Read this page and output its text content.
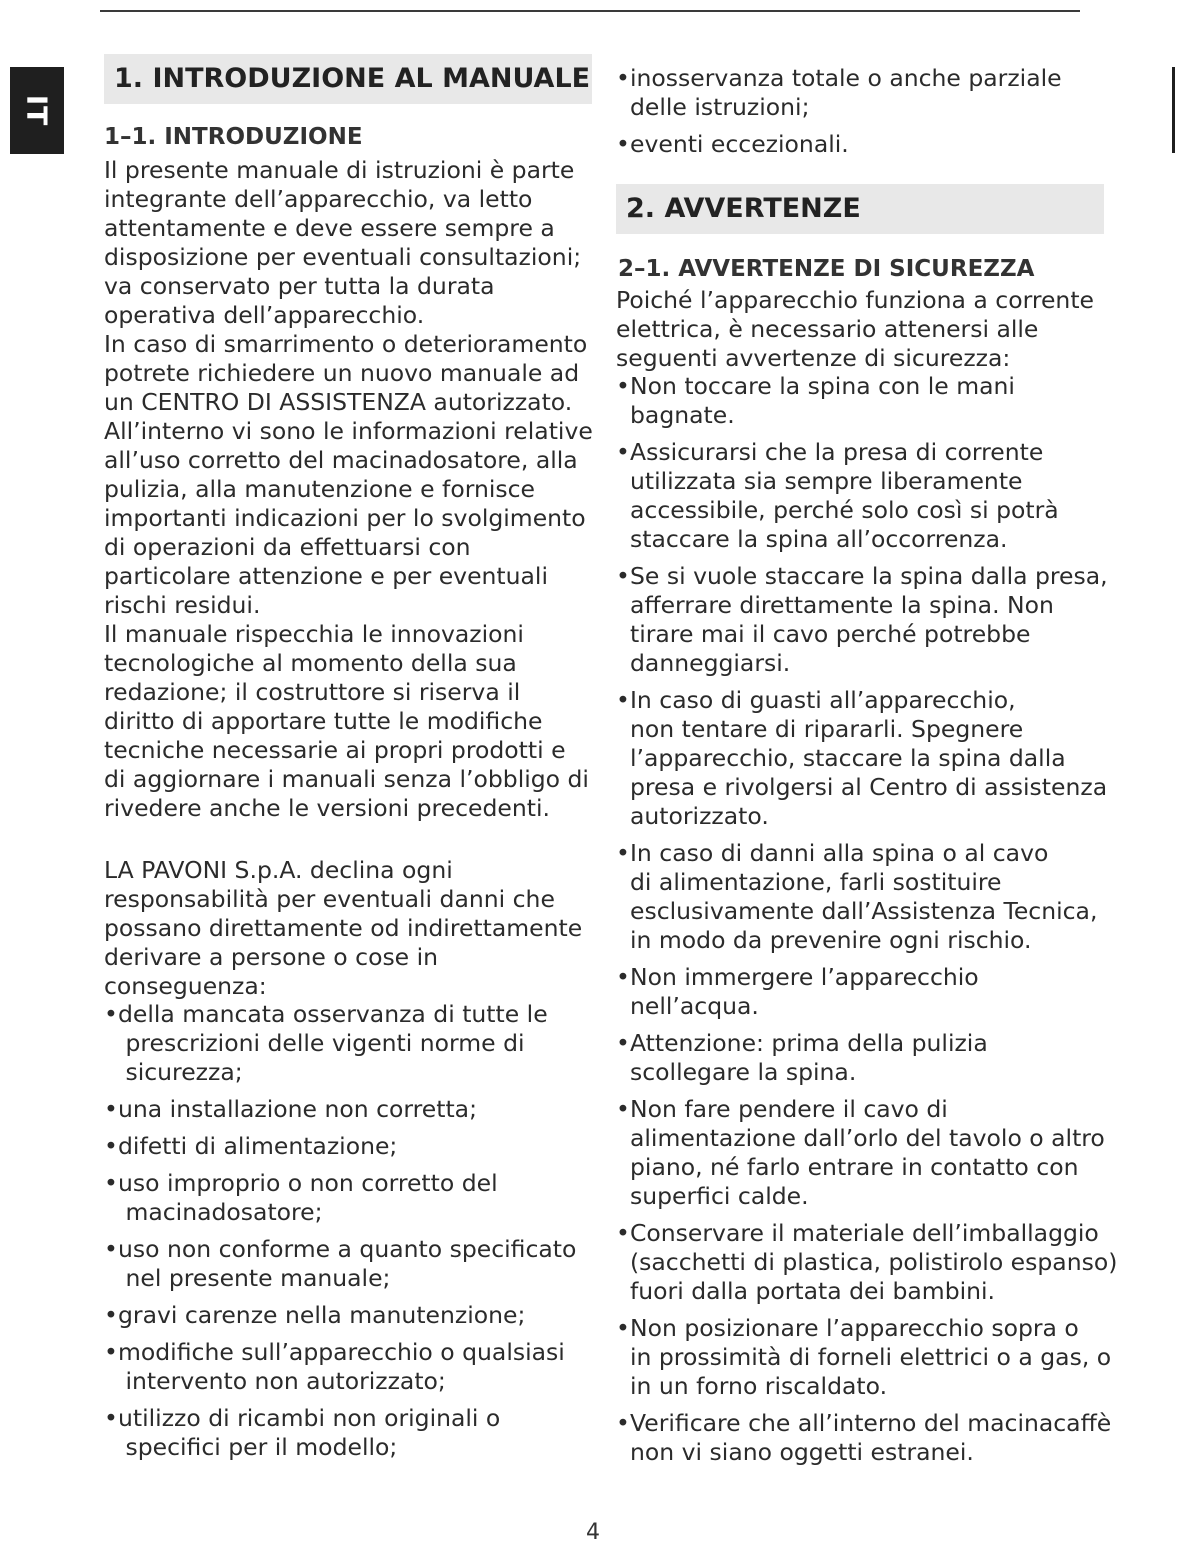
IT
1. INTRODUZIONE AL MANUALE
1–1. INTRODUZIONE

Il presente manuale di istruzioni è parte
integrante dell’apparecchio, va letto
attentamente e deve essere sempre a
disposizione per eventuali consultazioni;
va conservato per tutta la durata
operativa dell’apparecchio.
In caso di smarrimento o deterioramento
potrete richiedere un nuovo manuale ad
un CENTRO DI ASSISTENZA autorizzato.
All’interno vi sono le informazioni relative
all’uso corretto del macinadosatore, alla
pulizia, alla manutenzione e fornisce
importanti indicazioni per lo svolgimento
di operazioni da effettuarsi con
particolare attenzione e per eventuali
rischi residui.
Il manuale rispecchia le innovazioni
tecnologiche al momento della sua
redazione; il costruttore si riserva il
diritto di apportare tutte le modifiche
tecniche necessarie ai propri prodotti e
di aggiornare i manuali senza l’obbligo di
rivedere anche le versioni precedenti.

LA PAVONI S.p.A. declina ogni
responsabilità per eventuali danni che
possano direttamente od indirettamente
derivare a persone o cose in
conseguenza:

• della mancata osservanza di tutte le
prescrizioni delle vigenti norme di
sicurezza;
• una installazione non corretta;
• difetti di alimentazione;
• uso improprio o non corretto del
macinadosatore;
• uso non conforme a quanto specificato
nel presente manuale;
• gravi carenze nella manutenzione;
• modifiche sull’apparecchio o qualsiasi
intervento non autorizzato;
• utilizzo di ricambi non originali o
specifici per il modello;
• inosservanza totale o anche parziale
delle istruzioni;
• eventi eccezionali.
2. AVVERTENZE
2–1. AVVERTENZE DI SICUREZZA

Poiché l’apparecchio funziona a corrente
elettrica, è necessario attenersi alle
seguenti avvertenze di sicurezza:

• Non toccare la spina con le mani
bagnate.
• Assicurarsi che la presa di corrente
utilizzata sia sempre liberamente
accessibile, perché solo così si potrà
staccare la spina all’occorrenza.
• Se si vuole staccare la spina dalla presa,
afferrare direttamente la spina. Non
tirare mai il cavo perché potrebbe
danneggiarsi.
• In caso di guasti all’apparecchio,
non tentare di ripararli. Spegnere
l’apparecchio, staccare la spina dalla
presa e rivolgersi al Centro di assistenza
autorizzato.
• In caso di danni alla spina o al cavo
di alimentazione, farli sostituire
esclusivamente dall’Assistenza Tecnica,
in modo da prevenire ogni rischio.
• Non immergere l’apparecchio
nell’acqua.
• Attenzione: prima della pulizia
scollegare la spina.
• Non fare pendere il cavo di
alimentazione dall’orlo del tavolo o altro
piano, né farlo entrare in contatto con
superfici calde.
• Conservare il materiale dell’imballaggio
(sacchetti di plastica, polistirolo espanso)
fuori dalla portata dei bambini.
• Non posizionare l’apparecchio sopra o
in prossimità di forneli elettrici o a gas, o
in un forno riscaldato.
• Verificare che all’interno del macinacaffè
non vi siano oggetti estranei.
4
